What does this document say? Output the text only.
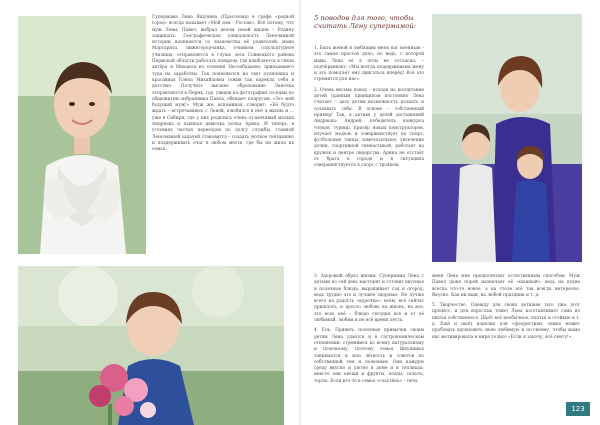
Супермама Лена Яшунина (Прасолова) в графе «родной город» всегда называет «Мой дом – Россия». Всё потому, что муж Левы, Павел, выбрал делом своей жизни – Родину защищать. Географическая уникальность Леночкиной истории начинается со знакомства её родителей: мама Маргарита, нижегородчанка, очником (скульптурное училище, отправляется в глушь леса Совиецкого района Пермской области работать поваром, где влюбляется в связи актёра и Михаила из селения Неслобадаево, приехавшего туда на заработки. Так появляются на свет отличница и красавица Елена Михайловна (ожив так нарекла себя в детстве). Получить высшее образование Леночка отправляется в Пермь, где, увидев на фотографии соседям по общежитию избранника Павла, обещает подругам: «Это мой будущий муж!» Муж же, вспоминая, говорит: «Её будто ждать – встречавшись с Леной, влюбился в неё я жизнь и ... уже в Сибири, где у них родились очень отзывчивый малыш Андрюша и пышная дамочка дочка Арина. И теперь, в условиях частых переездов по долгу службы, главной Леночкиной задачей становится – создать уютное гнёздышко и поддерживать очаг в любом месте, где бы ни жила их семья.

5 поводов для того, чтобы считать Лену супермамой:

1. Быть женой и любящим меня нас военным – это самое простое дело, но ведь, с которой мама Лена её в этом не согласна, – подчёркивает: «Мы всегда поддерживаем жену и это помогает ему двигаться вперёд! Всё это стремится для нас».

2. Очень весьма повод – исходя на воспитание детей (данным принципом постоянно Лена считает – дать детям возможность познать и создавать себя. В основе – собственный пример! Так, в активе у детей достижений Андрюша: Андрей, победитель конкурса чтецов, турнир, призёр новых конструкторов, изучает модель и совершенствует по спорт: футбольные танцы, замечательное; увлечение дочки, спортивной гимнастикой, работает на кружок и центре лидерства. Арина не отстаёт от брата в городе и в ситуациях совершенствуется в спорт с трояком.

3. Здоровый образ жизни: Супермама Лена с детьми по сей день мастерит и готовит вкусные и полезные блюда, выращивает сад и огород, ведь трудно это и лучшее здоровье. Но лучше всего на радость «курочка»: всем, всё сейчас пришлось, и просто любовь на жизнь, на все, это всех неё – блюдо сегодня все и от её любимый, любим и не всё время лесть.

4. Ель. Привить полезные привычки своим детям Лена удаётся и в гастрономическом отношении: стремимся ко всему натуральному и полезному, поэтому семья Яшуниных занимается и всю лёгкость и советов по собственной тем и полезным. Они каждую среду вкусно и уютно в доме и в теплицах; вместе они овощи и фрукты, ягоды, салаты, торты. Если кто-то в семье «сластёна» – печь

меня Лена мне предпочитает естественным способом. Муж Павел даже порой назначает её «шашкой», ведь на кухне всегда что-то новое, а на столе всё так всегда интересно. Вкусно. Как ни ищи, на любой праздник и т. д.

5. Творчество. Одежду для своих детишек (это уже этот процесс, и для взрослых тоже) Лена изготавливает сама из шитья собственного. Шьёт всё необычное, платья и стойкие и т. д. Ещё и шьёт изделие для «флористики, семья может пробовать вдохновить свою любимую и по-своему, чтобы мама нас мотивировала в мире только «Если я захочу, всё смогу!».

123
